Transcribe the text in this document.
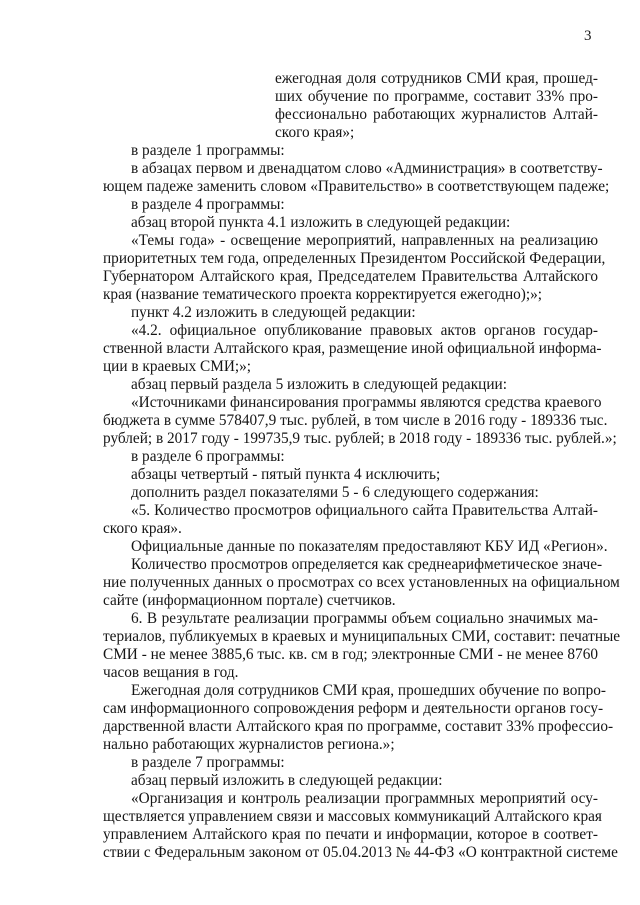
3
ежегодная доля сотрудников СМИ края, прошед-
ших обучение по программе, составит 33% про-
фессионально работающих журналистов Алтай-
ского края»;
в разделе 1 программы:
в абзацах первом и двенадцатом слово «Администрация» в соответству-
ющем падеже заменить словом «Правительство» в соответствующем падеже;
в разделе 4 программы:
абзац второй пункта 4.1 изложить в следующей редакции:
«Темы года» - освещение мероприятий, направленных на реализацию
приоритетных тем года, определенных Президентом Российской Федерации,
Губернатором Алтайского края, Председателем Правительства Алтайского
края (название тематического проекта корректируется ежегодно);»;
пункт 4.2 изложить в следующей редакции:
«4.2. официальное опубликование правовых актов органов государ-
ственной власти Алтайского края, размещение иной официальной информа-
ции в краевых СМИ;»;
абзац первый раздела 5 изложить в следующей редакции:
«Источниками финансирования программы являются средства краевого
бюджета в сумме 578407,9 тыс. рублей, в том числе в 2016 году - 189336 тыс.
рублей; в 2017 году - 199735,9 тыс. рублей; в 2018 году - 189336 тыс. рублей.»;
в разделе 6 программы:
абзацы четвертый - пятый пункта 4 исключить;
дополнить раздел показателями 5 - 6 следующего содержания:
«5. Количество просмотров официального сайта Правительства Алтай-
ского края».
Официальные данные по показателям предоставляют КБУ ИД «Регион».
Количество просмотров определяется как среднеарифметическое значе-
ние полученных данных о просмотрах со всех установленных на официальном
сайте (информационном портале) счетчиков.
6. В результате реализации программы объем социально значимых ма-
териалов, публикуемых в краевых и муниципальных СМИ, составит: печатные
СМИ - не менее 3885,6 тыс. кв. см в год; электронные СМИ - не менее 8760
часов вещания в год.
Ежегодная доля сотрудников СМИ края, прошедших обучение по вопро-
сам информационного сопровождения реформ и деятельности органов госу-
дарственной власти Алтайского края по программе, составит 33% профессио-
нально работающих журналистов региона.»;
в разделе 7 программы:
абзац первый изложить в следующей редакции:
«Организация и контроль реализации программных мероприятий осу-
ществляется управлением связи и массовых коммуникаций Алтайского края
управлением Алтайского края по печати и информации, которое в соответ-
ствии с Федеральным законом от 05.04.2013 № 44-ФЗ «О контрактной системе
